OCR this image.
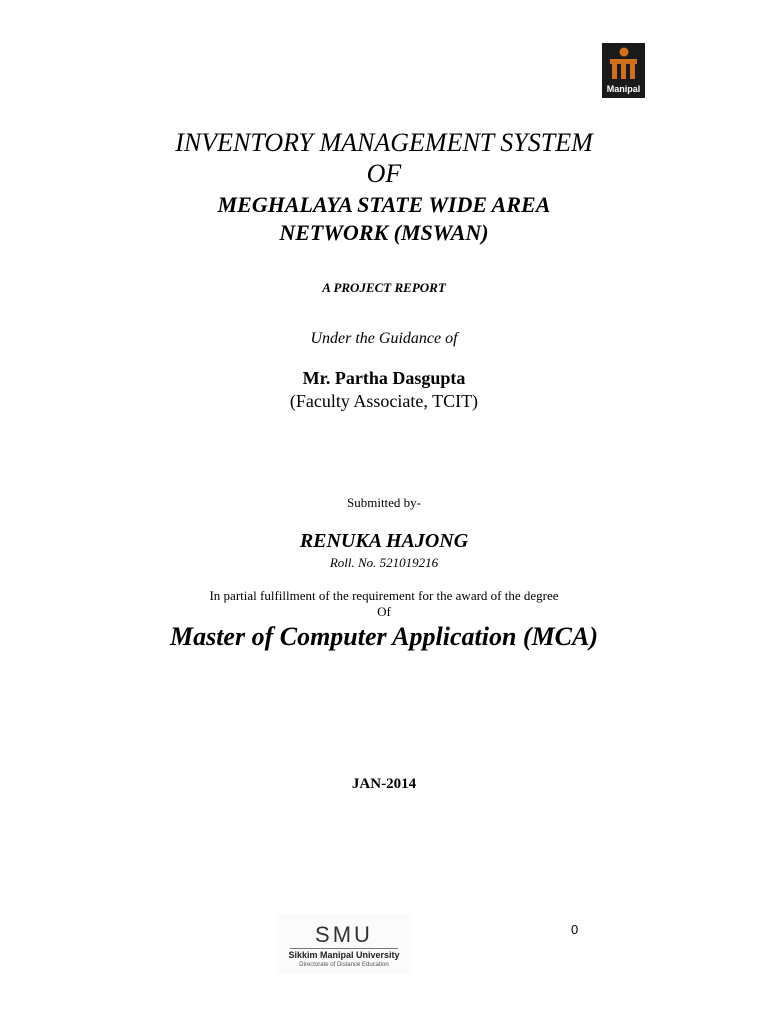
Manipal
INVENTORY MANAGEMENT SYSTEM
OF
MEGHALAYA STATE WIDE AREA
NETWORK (MSWAN)
A PROJECT REPORT
Under the Guidance of
Mr. Partha Dasgupta
(Faculty Associate, TCIT)
Submitted by-
RENUKA HAJONG
Roll. No. 521019216
In partial fulfillment of the requirement for the award of the degree
Of
Master of Computer Application (MCA)
JAN-2014
SMU
Sikkim Manipal University
Directorate of Distance Education
0
